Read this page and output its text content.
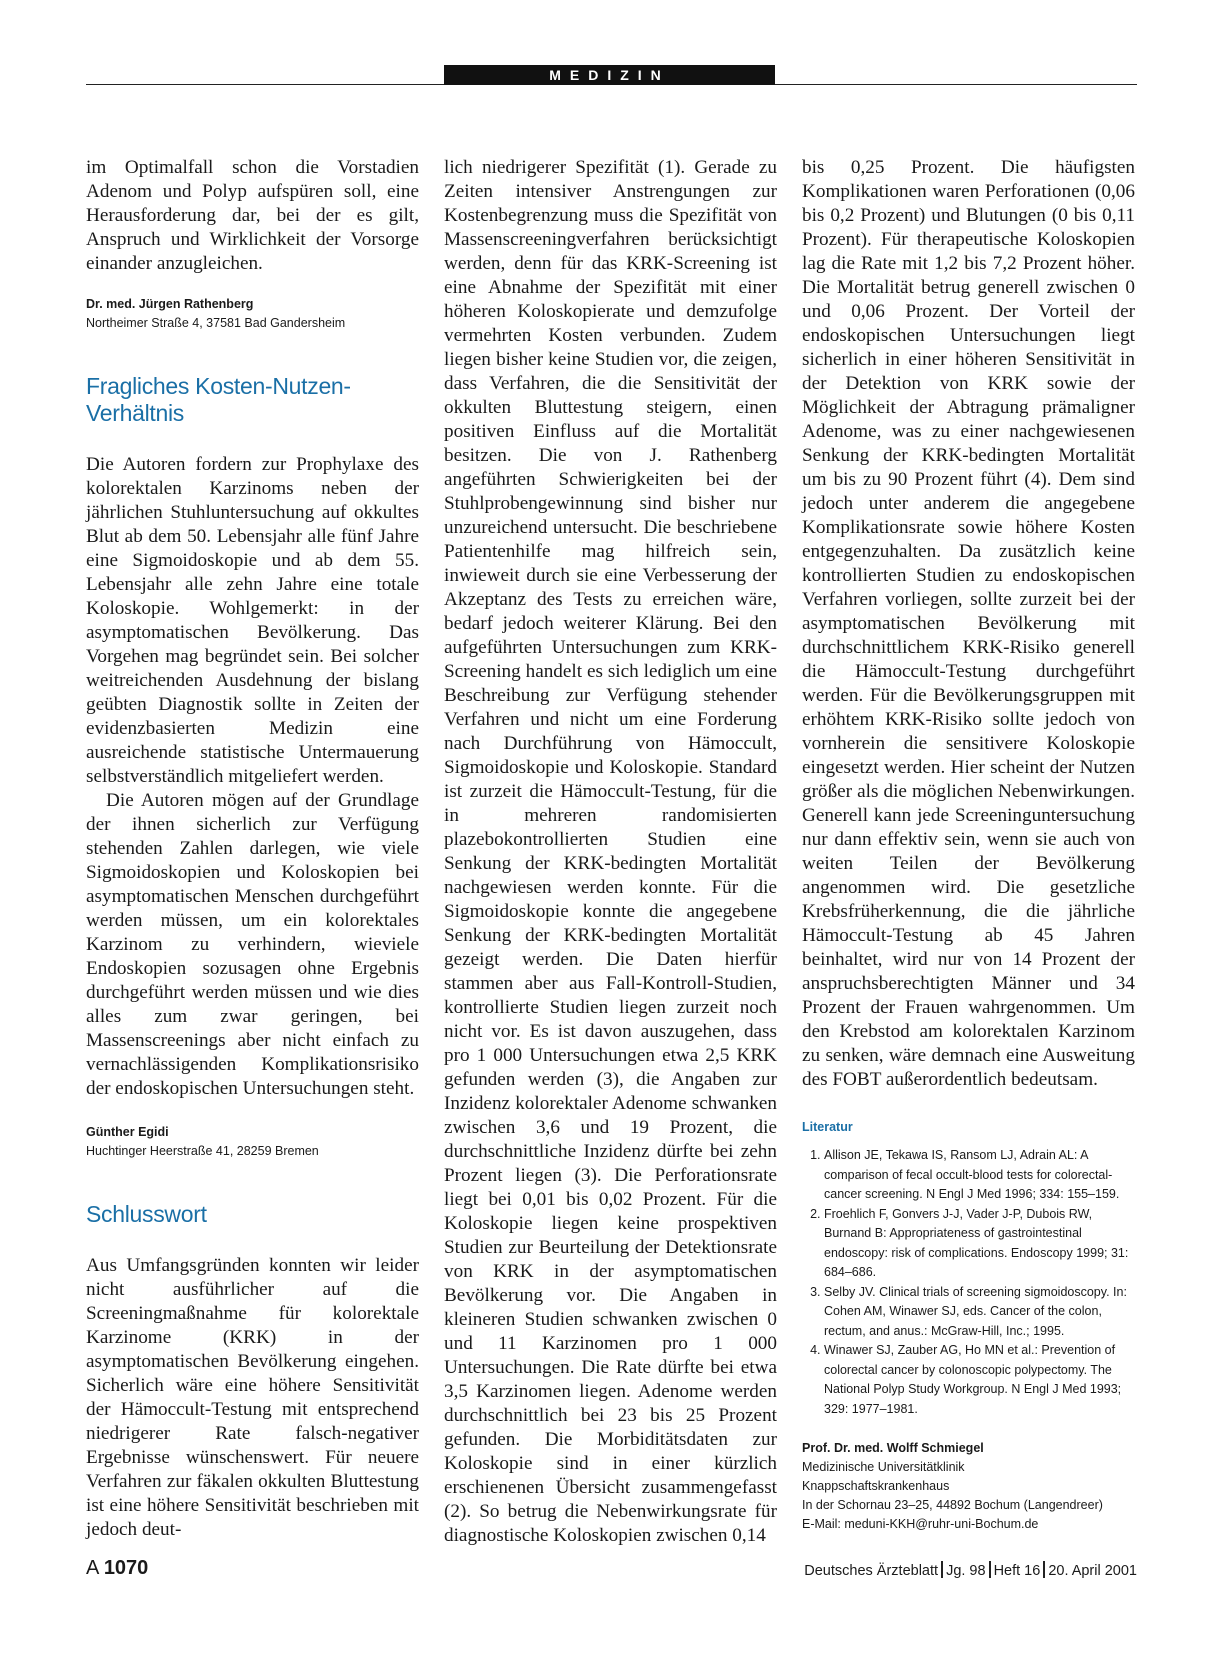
MEDIZIN

im Optimalfall schon die Vorstadien Adenom und Polyp aufspüren soll, eine Herausforderung dar, bei der es gilt, Anspruch und Wirklichkeit der Vorsorge einander anzugleichen.

Dr. med. Jürgen Rathenberg

Northeimer Straße 4, 37581 Bad Gandersheim

Fragliches Kosten-Nutzen-Verhältnis

Die Autoren fordern zur Prophylaxe des kolorektalen Karzinoms neben der jährlichen Stuhluntersuchung auf okkultes Blut ab dem 50. Lebensjahr alle fünf Jahre eine Sigmoidoskopie und ab dem 55. Lebensjahr alle zehn Jahre eine totale Koloskopie. Wohlgemerkt: in der asymptomatischen Bevölkerung. Das Vorgehen mag begründet sein. Bei solcher weitreichenden Ausdehnung der bislang geübten Diagnostik sollte in Zeiten der evidenzbasierten Medizin eine ausreichende statistische Untermauerung selbstverständlich mitgeliefert werden.

Die Autoren mögen auf der Grundlage der ihnen sicherlich zur Verfügung stehenden Zahlen darlegen, wie viele Sigmoidoskopien und Koloskopien bei asymptomatischen Menschen durchgeführt werden müssen, um ein kolorektales Karzinom zu verhindern, wieviele Endoskopien sozusagen ohne Ergebnis durchgeführt werden müssen und wie dies alles zum zwar geringen, bei Massenscreenings aber nicht einfach zu vernachlässigenden Komplikationsrisiko der endoskopischen Untersuchungen steht.

Günther Egidi

Huchtinger Heerstraße 41, 28259 Bremen

Schlusswort

Aus Umfangsgründen konnten wir leider nicht ausführlicher auf die Screeningmaßnahme für kolorektale Karzinome (KRK) in der asymptomatischen Bevölkerung eingehen. Sicherlich wäre eine höhere Sensitivität der Hämoccult-Testung mit entsprechend niedrigerer Rate falsch-negativer Ergebnisse wünschenswert. Für neuere Verfahren zur fäkalen okkulten Bluttestung ist eine höhere Sensitivität beschrieben mit jedoch deut-

lich niedrigerer Spezifität (1). Gerade zu Zeiten intensiver Anstrengungen zur Kostenbegrenzung muss die Spezifität von Massenscreeningverfahren berücksichtigt werden, denn für das KRK-Screening ist eine Abnahme der Spezifität mit einer höheren Koloskopierate und demzufolge vermehrten Kosten verbunden. Zudem liegen bisher keine Studien vor, die zeigen, dass Verfahren, die die Sensitivität der okkulten Bluttestung steigern, einen positiven Einfluss auf die Mortalität besitzen. Die von J. Rathenberg angeführten Schwierigkeiten bei der Stuhlprobengewinnung sind bisher nur unzureichend untersucht. Die beschriebene Patientenhilfe mag hilfreich sein, inwieweit durch sie eine Verbesserung der Akzeptanz des Tests zu erreichen wäre, bedarf jedoch weiterer Klärung. Bei den aufgeführten Untersuchungen zum KRK-Screening handelt es sich lediglich um eine Beschreibung zur Verfügung stehender Verfahren und nicht um eine Forderung nach Durchführung von Hämoccult, Sigmoidoskopie und Koloskopie. Standard ist zurzeit die Hämoccult-Testung, für die in mehreren randomisierten plazebokontrollierten Studien eine Senkung der KRK-bedingten Mortalität nachgewiesen werden konnte. Für die Sigmoidoskopie konnte die angegebene Senkung der KRK-bedingten Mortalität gezeigt werden. Die Daten hierfür stammen aber aus Fall-Kontroll-Studien, kontrollierte Studien liegen zurzeit noch nicht vor. Es ist davon auszugehen, dass pro 1 000 Untersuchungen etwa 2,5 KRK gefunden werden (3), die Angaben zur Inzidenz kolorektaler Adenome schwanken zwischen 3,6 und 19 Prozent, die durchschnittliche Inzidenz dürfte bei zehn Prozent liegen (3). Die Perforationsrate liegt bei 0,01 bis 0,02 Prozent. Für die Koloskopie liegen keine prospektiven Studien zur Beurteilung der Detektionsrate von KRK in der asymptomatischen Bevölkerung vor. Die Angaben in kleineren Studien schwanken zwischen 0 und 11 Karzinomen pro 1 000 Untersuchungen. Die Rate dürfte bei etwa 3,5 Karzinomen liegen. Adenome werden durchschnittlich bei 23 bis 25 Prozent gefunden. Die Morbiditätsdaten zur Koloskopie sind in einer kürzlich erschienenen Übersicht zusammengefasst (2). So betrug die Nebenwirkungsrate für diagnostische Koloskopien zwischen 0,14

bis 0,25 Prozent. Die häufigsten Komplikationen waren Perforationen (0,06 bis 0,2 Prozent) und Blutungen (0 bis 0,11 Prozent). Für therapeutische Koloskopien lag die Rate mit 1,2 bis 7,2 Prozent höher. Die Mortalität betrug generell zwischen 0 und 0,06 Prozent. Der Vorteil der endoskopischen Untersuchungen liegt sicherlich in einer höheren Sensitivität in der Detektion von KRK sowie der Möglichkeit der Abtragung prämaligner Adenome, was zu einer nachgewiesenen Senkung der KRK-bedingten Mortalität um bis zu 90 Prozent führt (4). Dem sind jedoch unter anderem die angegebene Komplikationsrate sowie höhere Kosten entgegenzuhalten. Da zusätzlich keine kontrollierten Studien zu endoskopischen Verfahren vorliegen, sollte zurzeit bei der asymptomatischen Bevölkerung mit durchschnittlichem KRK-Risiko generell die Hämoccult-Testung durchgeführt werden. Für die Bevölkerungsgruppen mit erhöhtem KRK-Risiko sollte jedoch von vornherein die sensitivere Koloskopie eingesetzt werden. Hier scheint der Nutzen größer als die möglichen Nebenwirkungen. Generell kann jede Screeninguntersuchung nur dann effektiv sein, wenn sie auch von weiten Teilen der Bevölkerung angenommen wird. Die gesetzliche Krebsfrüherkennung, die die jährliche Hämoccult-Testung ab 45 Jahren beinhaltet, wird nur von 14 Prozent der anspruchsberechtigten Männer und 34 Prozent der Frauen wahrgenommen. Um den Krebstod am kolorektalen Karzinom zu senken, wäre demnach eine Ausweitung des FOBT außerordentlich bedeutsam.

Literatur

1. Allison JE, Tekawa IS, Ransom LJ, Adrain AL: A comparison of fecal occult-blood tests for colorectal-cancer screening. N Engl J Med 1996; 334: 155–159.
2. Froehlich F, Gonvers J-J, Vader J-P, Dubois RW, Burnand B: Appropriateness of gastrointestinal endoscopy: risk of complications. Endoscopy 1999; 31: 684–686.
3. Selby JV. Clinical trials of screening sigmoidoscopy. In: Cohen AM, Winawer SJ, eds. Cancer of the colon, rectum, and anus.: McGraw-Hill, Inc.; 1995.
4. Winawer SJ, Zauber AG, Ho MN et al.: Prevention of colorectal cancer by colonoscopic polypectomy. The National Polyp Study Workgroup. N Engl J Med 1993; 329: 1977–1981.

Prof. Dr. med. Wolff Schmiegel

Medizinische Universitätklinik

Knappschaftskrankenhaus

In der Schornau 23–25, 44892 Bochum (Langendreer)

E-Mail: meduni-KKH@ruhr-uni-Bochum.de

A 1070	Deutsches Ärzteblatt Jg. 98 Heft 16 20. April 2001
